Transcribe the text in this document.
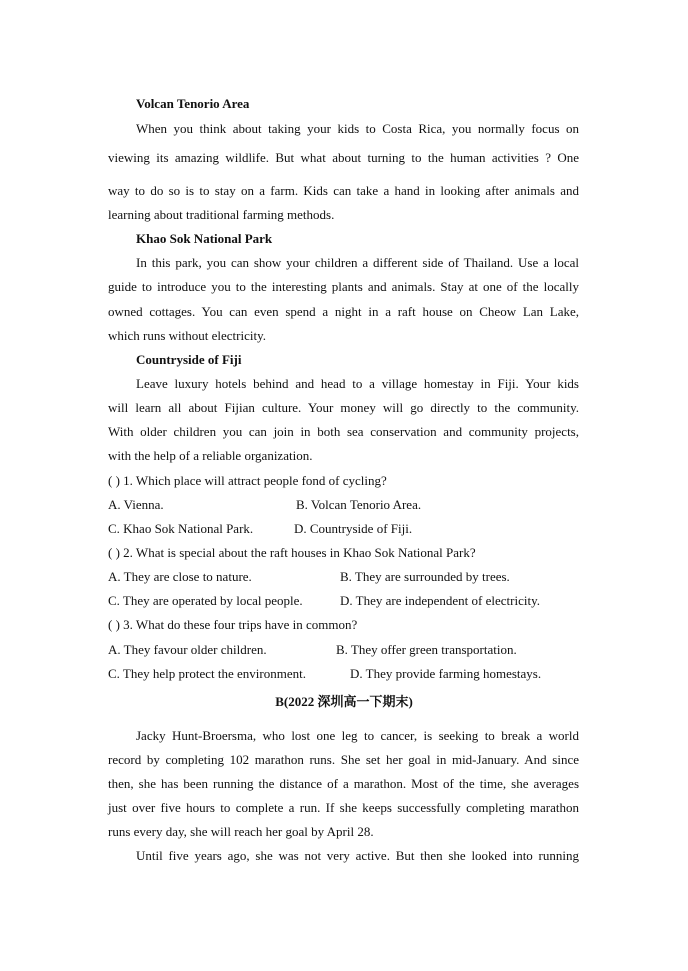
Volcan Tenorio Area
When you think about taking your kids to Costa Rica, you normally focus on
viewing its amazing wildlife. But what about turning to the human activities ? One
way to do so is to stay on a farm. Kids can take a hand in looking after animals and
learning about traditional farming methods.
Khao Sok National Park
In this park, you can show your children a different side of Thailand. Use a local
guide to introduce you to the interesting plants and animals. Stay at one of the locally
owned cottages. You can even spend a night in a raft house on Cheow Lan Lake,
which runs without electricity.
Countryside of Fiji
Leave luxury hotels behind and head to a village homestay in Fiji. Your kids
will learn all about Fijian culture. Your money will go directly to the community.
With older children you can join in both sea conservation and community projects,
with the help of a reliable organization.
( ) 1. Which place will attract people fond of cycling?
A. Vienna.	B. Volcan Tenorio Area.
C. Khao Sok National Park.	D. Countryside of Fiji.
( ) 2. What is special about the raft houses in Khao Sok National Park?
A. They are close to nature.	B. They are surrounded by trees.
C. They are operated by local people.	D. They are independent of electricity.
( ) 3. What do these four trips have in common?
A. They favour older children.	B. They offer green transportation.
C. They help protect the environment.	D. They provide farming homestays.
B(2022 深圳高一下期末)
Jacky Hunt-Broersma, who lost one leg to cancer, is seeking to break a world
record by completing 102 marathon runs. She set her goal in mid-January. And since
then, she has been running the distance of a marathon. Most of the time, she averages
just over five hours to complete a run. If she keeps successfully completing marathon
runs every day, she will reach her goal by April 28.
Until five years ago, she was not very active. But then she looked into running
